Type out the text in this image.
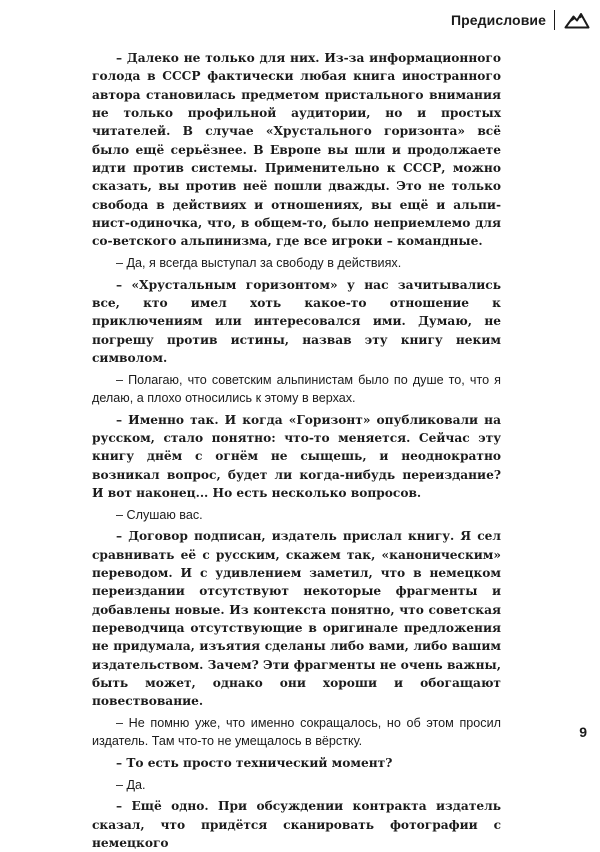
Предисловие

– Далеко не только для них. Из-за информационного голода в СССР фактически любая книга иностранного автора становилась предметом пристального внимания не только профильной аудитории, но и простых читателей. В случае «Хрустального горизонта» всё было ещё серьёзнее. В Европе вы шли и продолжаете идти против системы. Применительно к СССР, можно сказать, вы против неё пошли дважды. Это не только свобода в действиях и отношениях, вы ещё и альпи-нист-одиночка, что, в общем-то, было неприемлемо для со-ветского альпинизма, где все игроки – командные.

– Да, я всегда выступал за свободу в действиях.

– «Хрустальным горизонтом» у нас зачитывались все, кто имел хоть какое-то отношение к приключениям или интересовался ими. Думаю, не погрешу против истины, назвав эту книгу неким символом.

– Полагаю, что советским альпинистам было по душе то, что я делаю, а плохо относились к этому в верхах.

– Именно так. И когда «Горизонт» опубликовали на русском, стало понятно: что-то меняется. Сейчас эту книгу днём с огнём не сыщешь, и неоднократно возникал вопрос, будет ли когда-нибудь переиздание? И вот наконец... Но есть несколько вопросов.

– Слушаю вас.

– Договор подписан, издатель прислал книгу. Я сел сравнивать её с русским, скажем так, «каноническим» переводом. И с удивлением заметил, что в немецком переиздании отсутствуют некоторые фрагменты и добавлены новые. Из контекста понятно, что советская переводчица отсутствующие в оригинале предложения не придумала, изъятия сделаны либо вами, либо вашим издательством. Зачем? Эти фрагменты не очень важны, быть может, однако они хороши и обогащают повествование.

– Не помню уже, что именно сокращалось, но об этом просил издатель. Там что-то не умещалось в вёрстку.

– То есть просто технический момент?

– Да.

– Ещё одно. При обсуждении контракта издатель сказал, что придётся сканировать фотографии с немецкого

9
